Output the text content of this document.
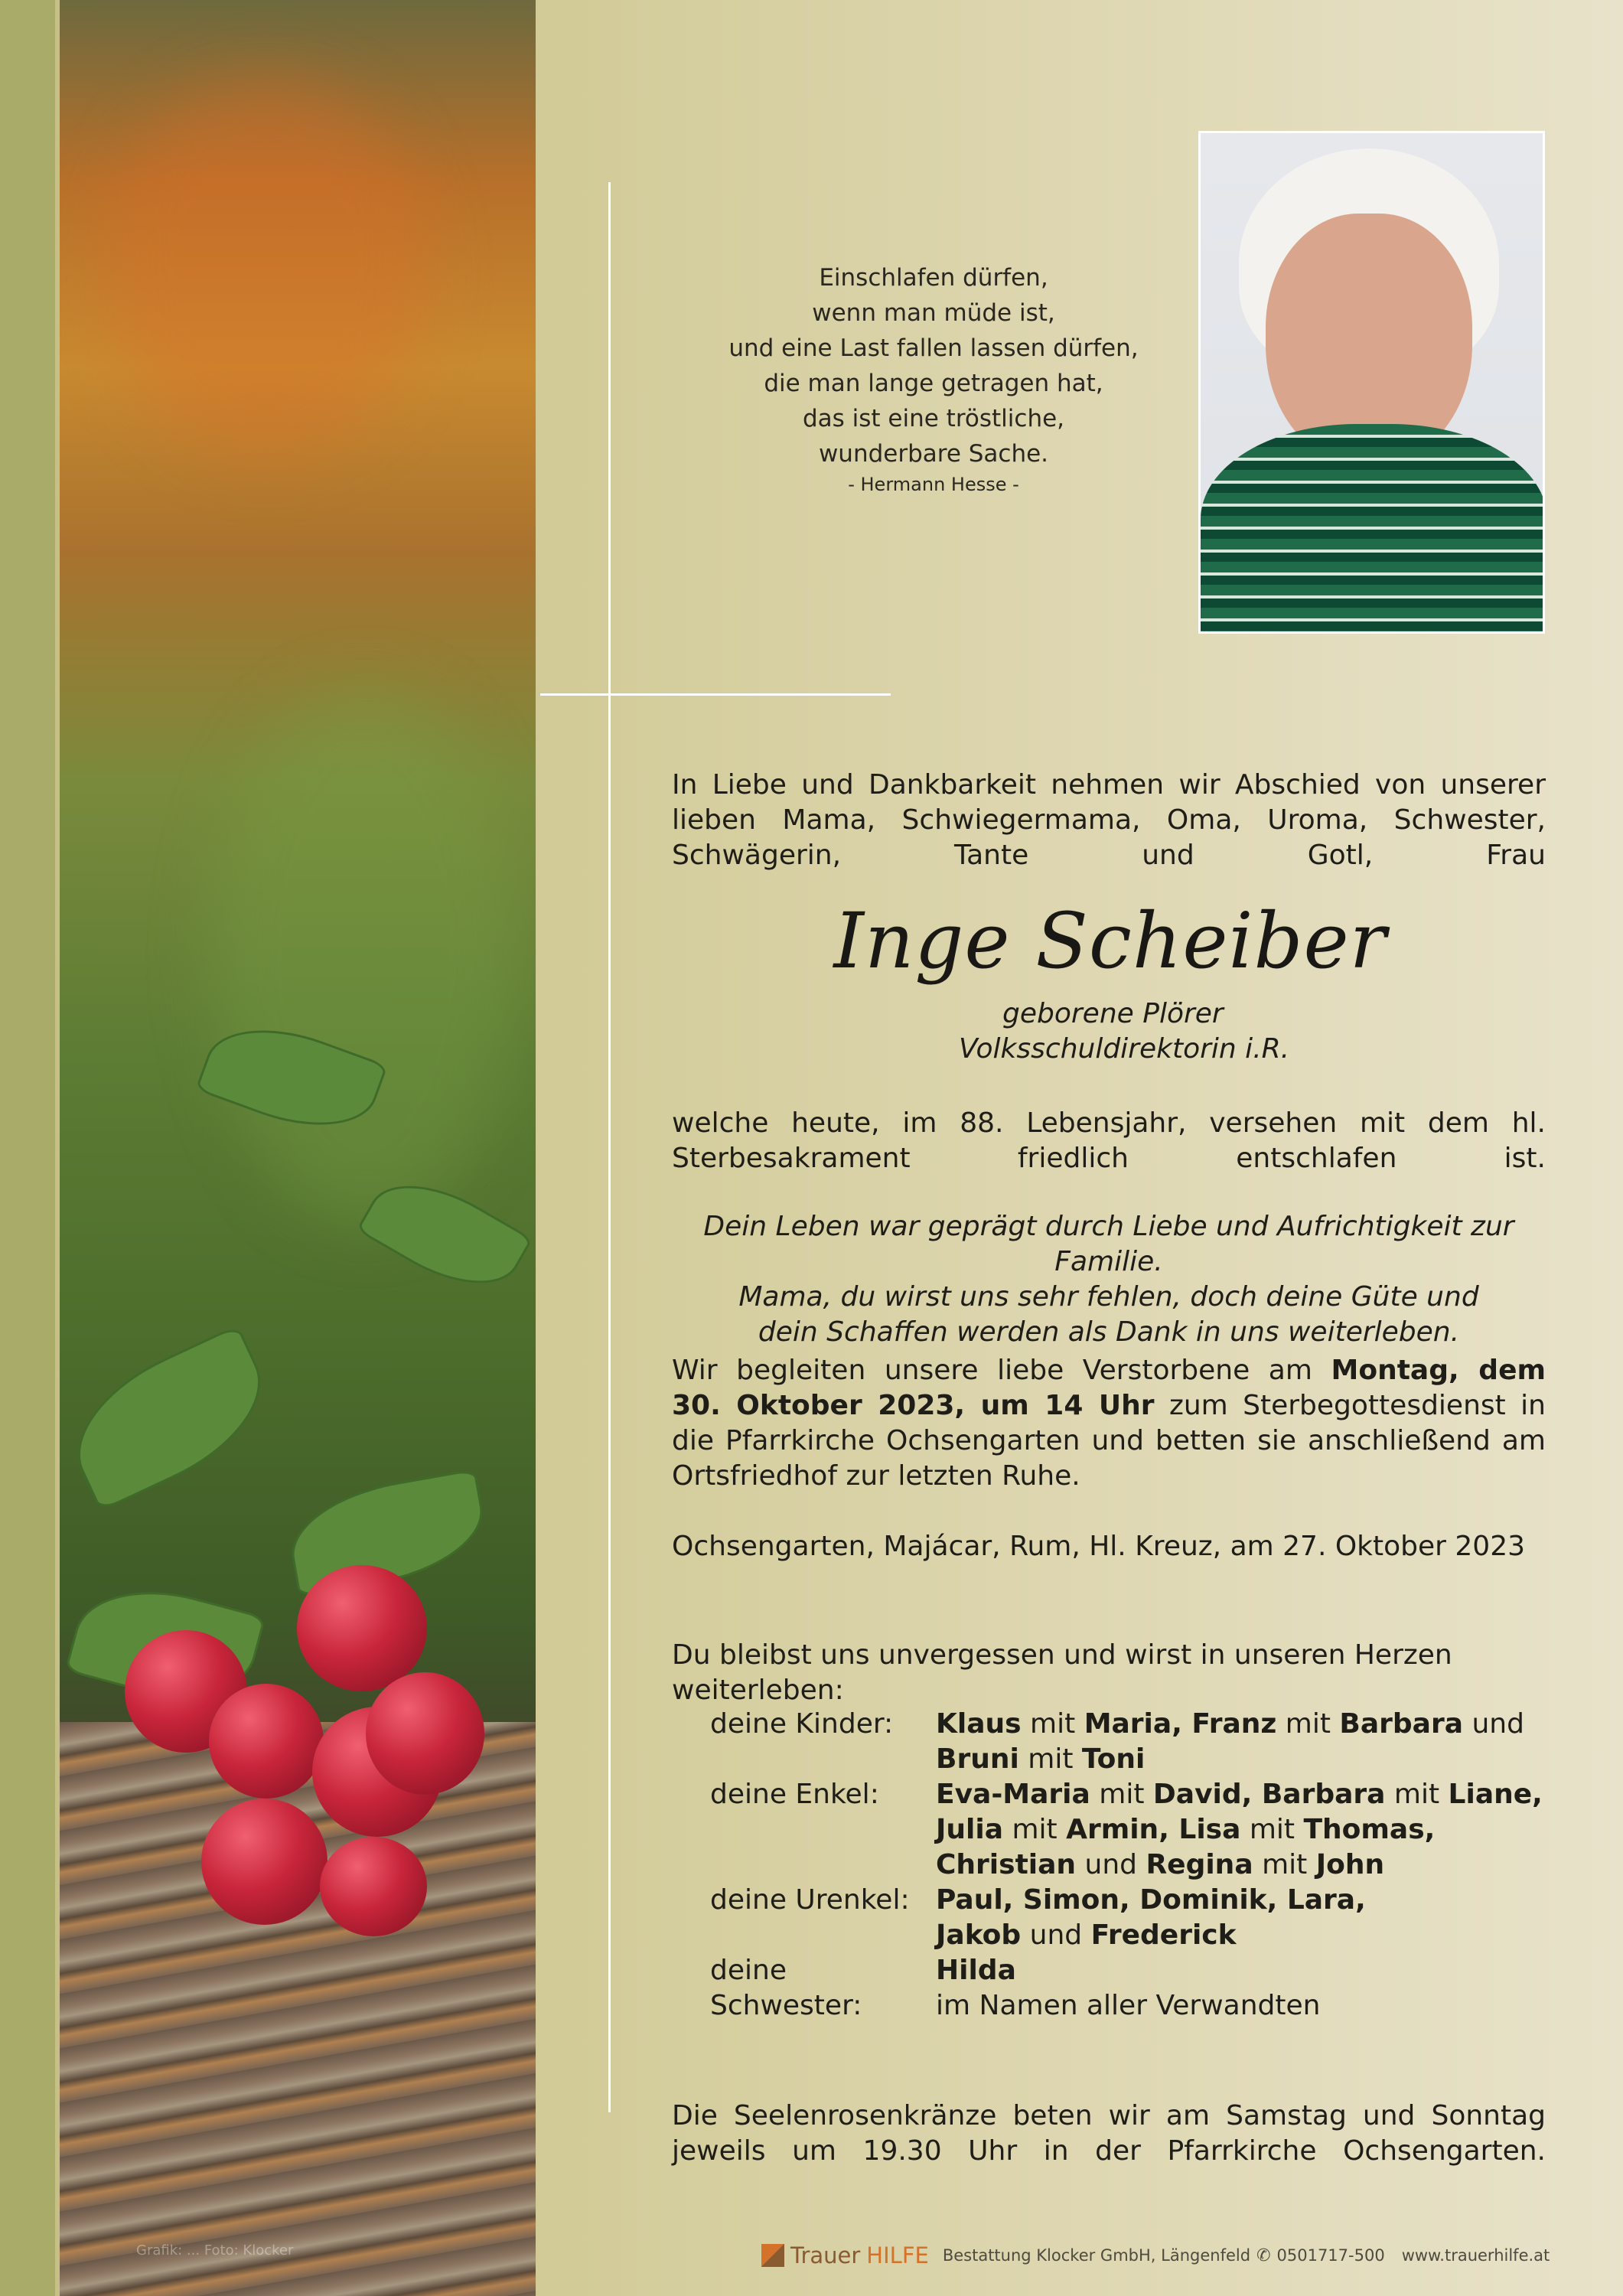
Grafik: ... Foto: Klocker
Einschlafen dürfen,
wenn man müde ist,
und eine Last fallen lassen dürfen,
die man lange getragen hat,
das ist eine tröstliche,
wunderbare Sache.
- Hermann Hesse -
In Liebe und Dankbarkeit nehmen wir Abschied von unserer lieben Mama, Schwiegermama, Oma, Uroma, Schwester, Schwägerin, Tante und Gotl, Frau
Inge Scheiber
geborene Plörer
Volksschuldirektorin i.R.
welche heute, im 88. Lebensjahr, versehen mit dem hl. Sterbesakrament friedlich entschlafen ist.
Dein Leben war geprägt durch Liebe und Aufrichtigkeit zur Familie.
Mama, du wirst uns sehr fehlen, doch deine Güte und
dein Schaffen werden als Dank in uns weiterleben.
Wir begleiten unsere liebe Verstorbene am Montag, dem
30. Oktober 2023, um 14 Uhr zum Sterbegottesdienst in
die Pfarrkirche Ochsengarten und betten sie anschließend am
Ortsfriedhof zur letzten Ruhe.
Ochsengarten, Majácar, Rum, Hl. Kreuz, am 27. Oktober 2023
Du bleibst uns unvergessen und wirst in unseren Herzen weiterleben:
deine Kinder:	Klaus mit Maria, Franz mit Barbara und
Bruni mit Toni
deine Enkel:	Eva-Maria mit David, Barbara mit Liane,
Julia mit Armin, Lisa mit Thomas,
Christian und Regina mit John
deine Urenkel: Paul, Simon, Dominik, Lara,
Jakob und Frederick
deine Schwester:
Hilda
im Namen aller Verwandten
Die Seelenrosenkränze beten wir am Samstag und Sonntag jeweils um 19.30 Uhr in der Pfarrkirche Ochsengarten.
Trauer HILFE Bestattung Klocker GmbH, Längenfeld ✆ 0501717-500 www.trauerhilfe.at
